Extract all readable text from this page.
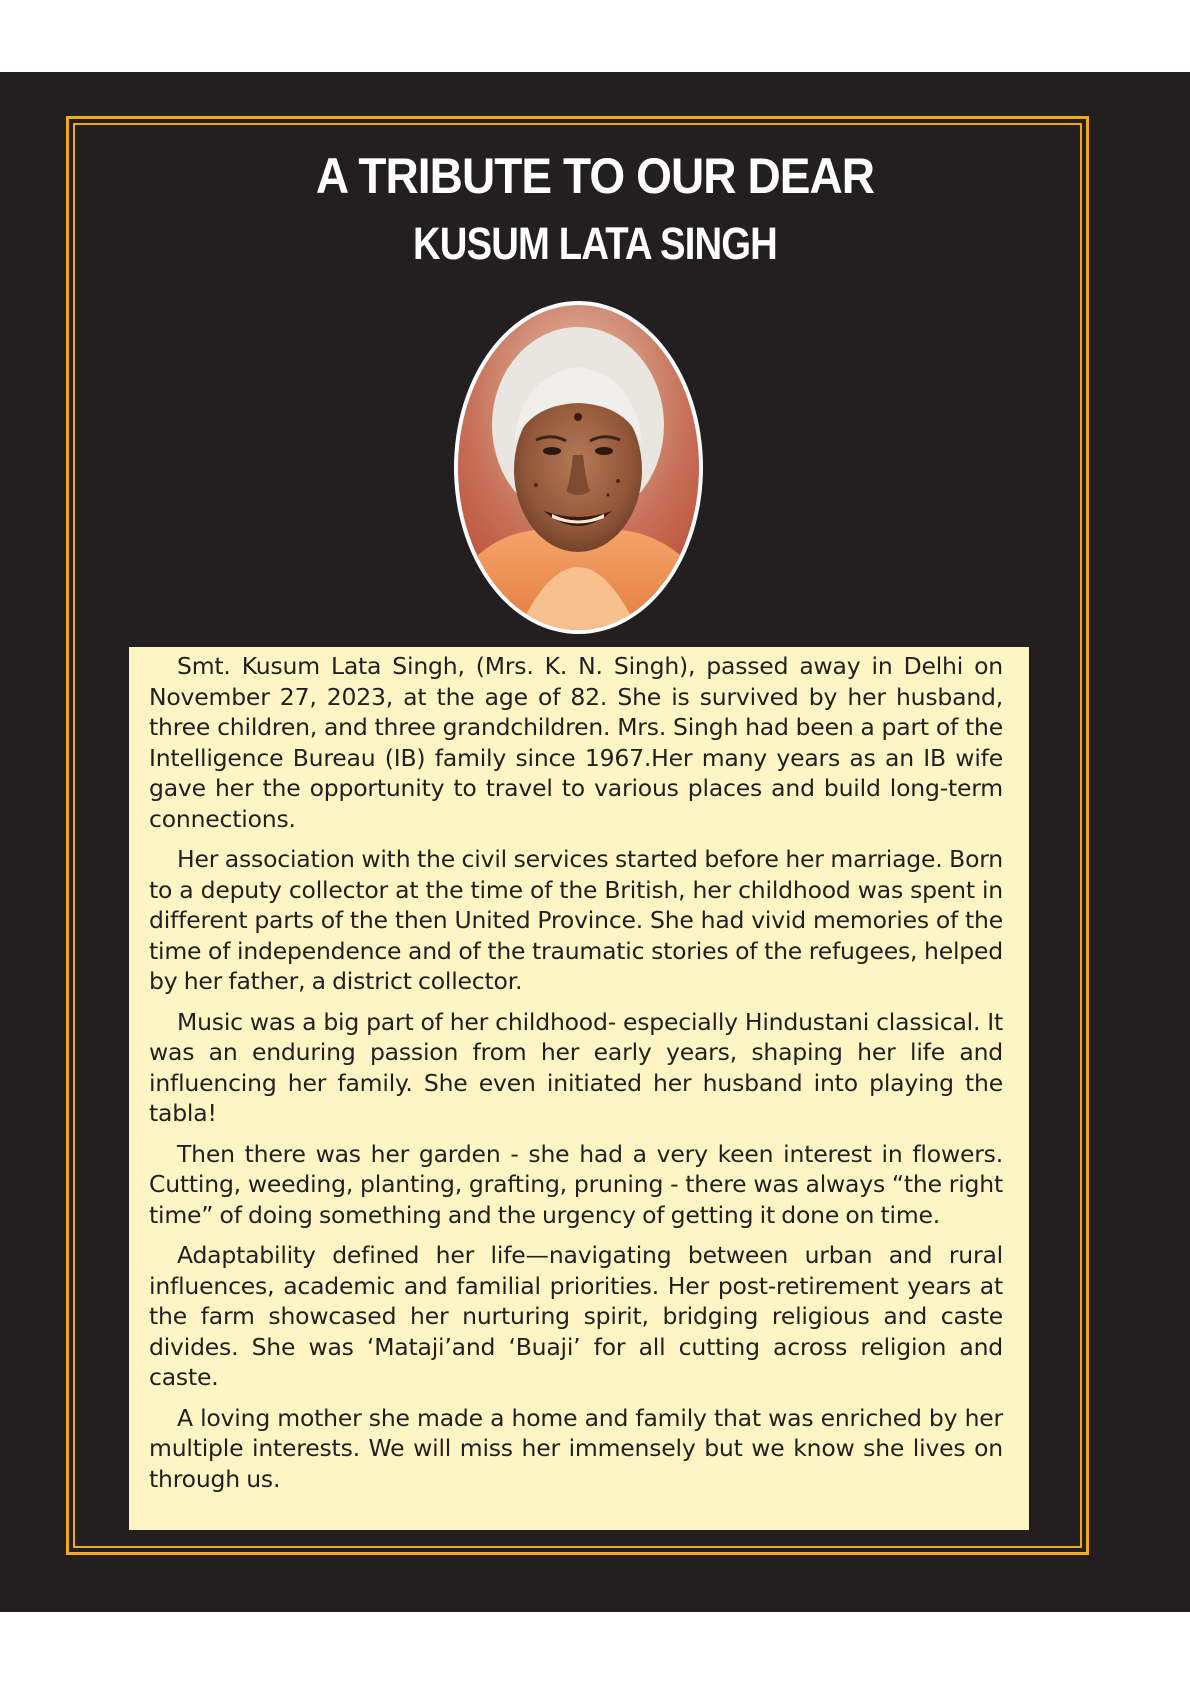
A TRIBUTE TO OUR DEAR
KUSUM LATA SINGH

Smt. Kusum Lata Singh, (Mrs. K. N. Singh), passed away in Delhi on November 27, 2023, at the age of 82. She is survived by her husband, three children, and three grandchildren. Mrs. Singh had been a part of the Intelligence Bureau (IB) family since 1967.Her many years as an IB wife gave her the opportunity to travel to various places and build long-term connections.

Her association with the civil services started before her marriage. Born to a deputy collector at the time of the British, her childhood was spent in different parts of the then United Province. She had vivid memories of the time of independence and of the traumatic stories of the refugees, helped by her father, a district collector.

Music was a big part of her childhood- especially Hindustani classical. It was an enduring passion from her early years, shaping her life and influencing her family. She even initiated her husband into playing the tabla!

Then there was her garden - she had a very keen interest in flowers. Cutting, weeding, planting, grafting, pruning - there was always “the right time” of doing something and the urgency of getting it done on time.

Adaptability defined her life—navigating between urban and rural influences, academic and familial priorities. Her post-retirement years at the farm showcased her nurturing spirit, bridging religious and caste divides. She was ‘Mataji’and ‘Buaji’ for all cutting across religion and caste.

A loving mother she made a home and family that was enriched by her multiple interests. We will miss her immensely but we know she lives on through us.
